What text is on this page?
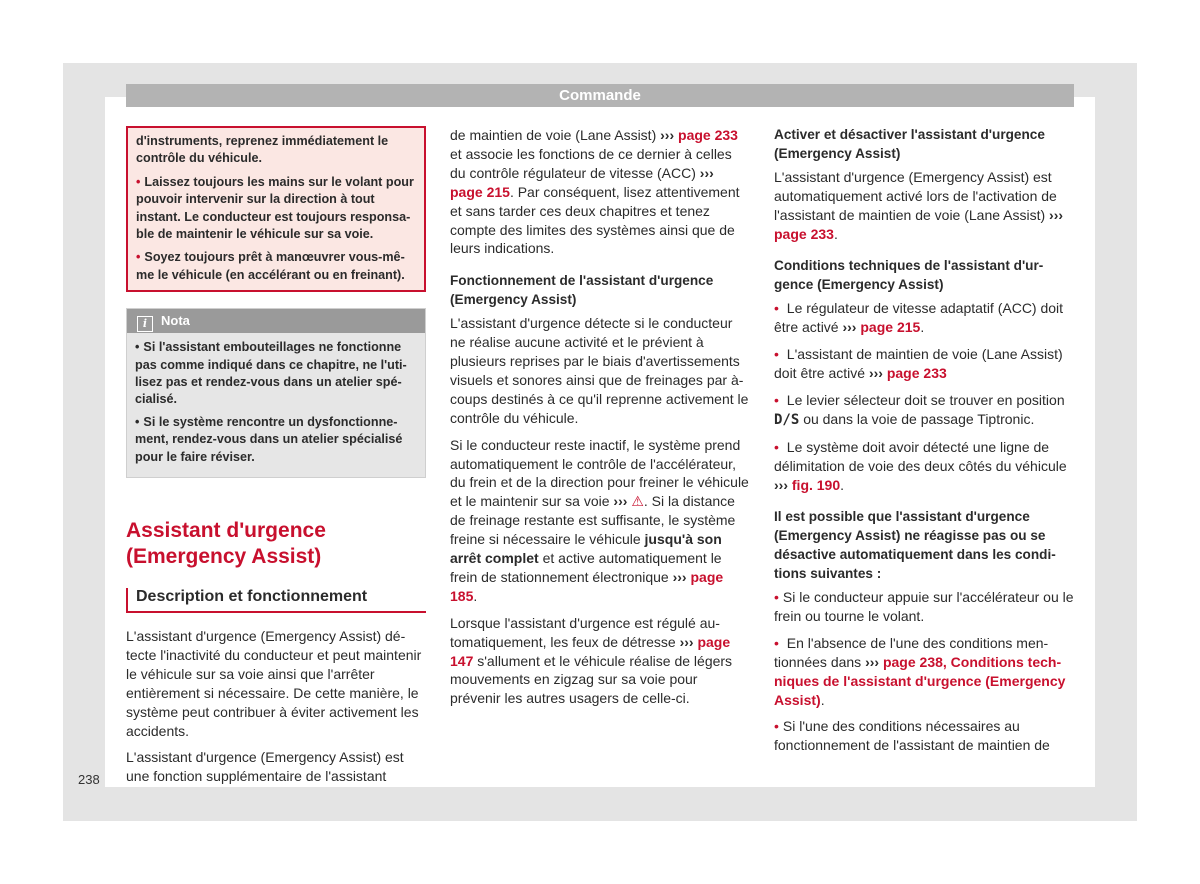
Commande

d'instruments, reprenez immédiatement le contrôle du véhicule.

• Laissez toujours les mains sur le volant pour pouvoir intervenir sur la direction à tout instant. Le conducteur est toujours responsable de maintenir le véhicule sur sa voie.

• Soyez toujours prêt à manœuvrer vous-même le véhicule (en accélérant ou en freinant).

i Nota

• Si l'assistant embouteillages ne fonctionne pas comme indiqué dans ce chapitre, ne l'utilisez pas et rendez-vous dans un atelier spécialisé.

• Si le système rencontre un dysfonctionnement, rendez-vous dans un atelier spécialisé pour le faire réviser.

Assistant d'urgence (Emergency Assist)
Description et fonctionnement

L'assistant d'urgence (Emergency Assist) détecte l'inactivité du conducteur et peut maintenir le véhicule sur sa voie ainsi que l'arrêter entièrement si nécessaire. De cette manière, le système peut contribuer à éviter activement les accidents.

L'assistant d'urgence (Emergency Assist) est une fonction supplémentaire de l'assistant

de maintien de voie (Lane Assist) ››› page 233 et associe les fonctions de ce dernier à celles du contrôle régulateur de vitesse (ACC) ››› page 215. Par conséquent, lisez attentivement et sans tarder ces deux chapitres et tenez compte des limites des systèmes ainsi que de leurs indications.

Fonctionnement de l'assistant d'urgence (Emergency Assist)

L'assistant d'urgence détecte si le conducteur ne réalise aucune activité et le prévient à plusieurs reprises par le biais d'avertissements visuels et sonores ainsi que de freinages par à-coups destinés à ce qu'il reprenne activement le contrôle du véhicule.

Si le conducteur reste inactif, le système prend automatiquement le contrôle de l'accélérateur, du frein et de la direction pour freiner le véhicule et le maintenir sur sa voie ››› ⚠. Si la distance de freinage restante est suffisante, le système freine si nécessaire le véhicule jusqu'à son arrêt complet et active automatiquement le frein de stationnement électronique ››› page 185.

Lorsque l'assistant d'urgence est régulé automatiquement, les feux de détresse ››› page 147 s'allument et le véhicule réalise de légers mouvements en zigzag sur sa voie pour prévenir les autres usagers de celle-ci.

Activer et désactiver l'assistant d'urgence (Emergency Assist)

L'assistant d'urgence (Emergency Assist) est automatiquement activé lors de l'activation de l'assistant de maintien de voie (Lane Assist) ››› page 233.

Conditions techniques de l'assistant d'urgence (Emergency Assist)

• Le régulateur de vitesse adaptatif (ACC) doit être activé ››› page 215.

• L'assistant de maintien de voie (Lane Assist) doit être activé ››› page 233

• Le levier sélecteur doit se trouver en position D/S ou dans la voie de passage Tiptronic.

• Le système doit avoir détecté une ligne de délimitation de voie des deux côtés du véhicule ››› fig. 190.

Il est possible que l'assistant d'urgence (Emergency Assist) ne réagisse pas ou se désactive automatiquement dans les conditions suivantes :

• Si le conducteur appuie sur l'accélérateur ou le frein ou tourne le volant.

• En l'absence de l'une des conditions mentionnées dans ››› page 238, Conditions techniques de l'assistant d'urgence (Emergency Assist).

• Si l'une des conditions nécessaires au fonctionnement de l'assistant de maintien de

238
